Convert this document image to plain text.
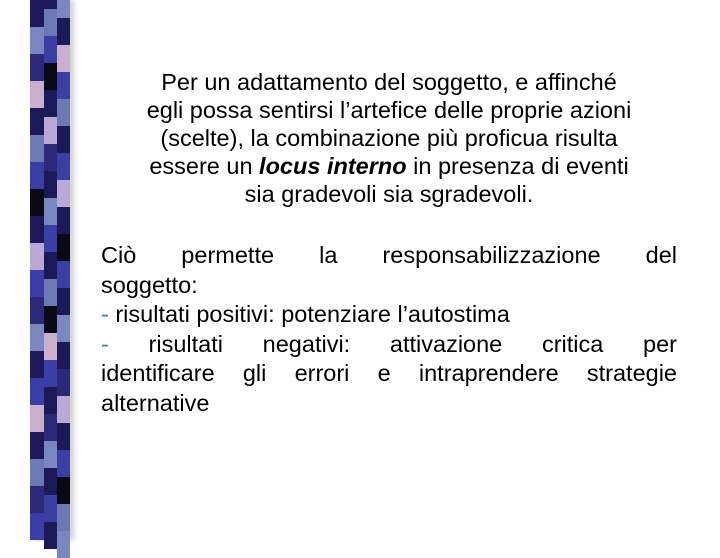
Per un adattamento del soggetto, e affinché
egli possa sentirsi l’artefice delle proprie azioni
(scelte), la combinazione più proficua risulta
essere un locus interno in presenza di eventi
sia gradevoli sia sgradevoli.
Ciò permette la responsabilizzazione del
soggetto:
- risultati positivi: potenziare l’autostima
- risultati negativi: attivazione critica per
identificare gli errori e intraprendere strategie
alternative
